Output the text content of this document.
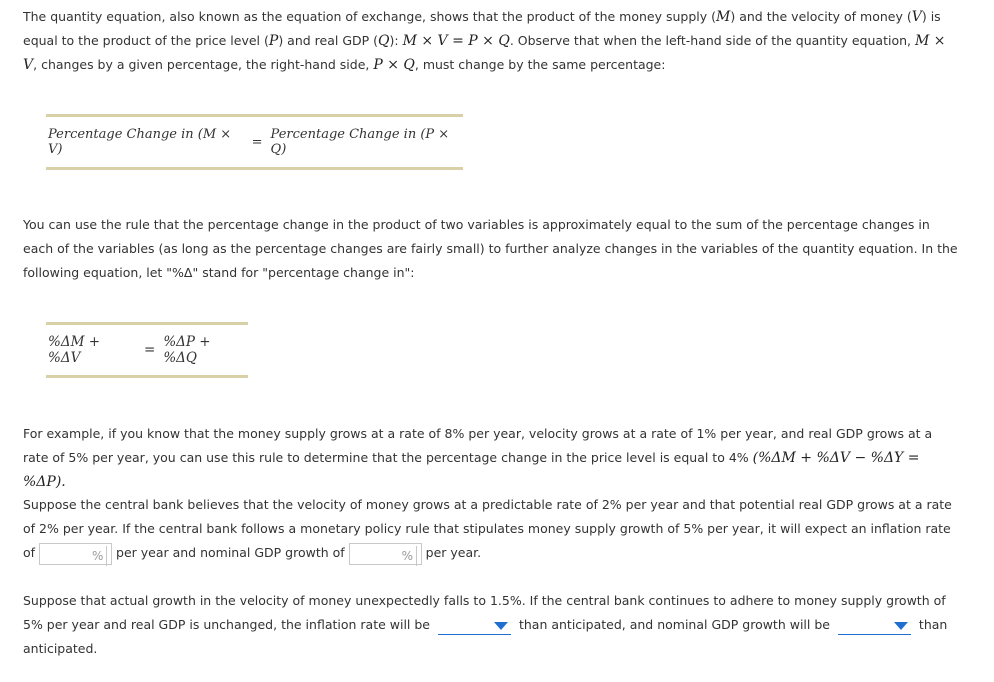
The quantity equation, also known as the equation of exchange, shows that the product of the money supply (M) and the velocity of money (V) is equal to the product of the price level (P) and real GDP (Q): M × V = P × Q. Observe that when the left-hand side of the quantity equation, M × V, changes by a given percentage, the right-hand side, P × Q, must change by the same percentage:

Percentage Change in (M × V)	= Percentage Change in (P × Q)

You can use the rule that the percentage change in the product of two variables is approximately equal to the sum of the percentage changes in each of the variables (as long as the percentage changes are fairly small) to further analyze changes in the variables of the quantity equation. In the following equation, let "%Δ" stand for "percentage change in":

%ΔM + %ΔV	= %ΔP + %ΔQ

For example, if you know that the money supply grows at a rate of 8% per year, velocity grows at a rate of 1% per year, and real GDP grows at a rate of 5% per year, you can use this rule to determine that the percentage change in the price level is equal to 4% (%ΔM + %ΔV − %ΔY = %ΔP).

Suppose the central bank believes that the velocity of money grows at a predictable rate of 2% per year and that potential real GDP grows at a rate of 2% per year. If the central bank follows a monetary policy rule that stipulates money supply growth of 5% per year, it will expect an inflation rate of	% per year and nominal GDP growth of	% per year.

Suppose that actual growth in the velocity of money unexpectedly falls to 1.5%. If the central bank continues to adhere to money supply growth of 5% per year and real GDP is unchanged, the inflation rate will be	than anticipated, and nominal GDP growth will be	than anticipated.
